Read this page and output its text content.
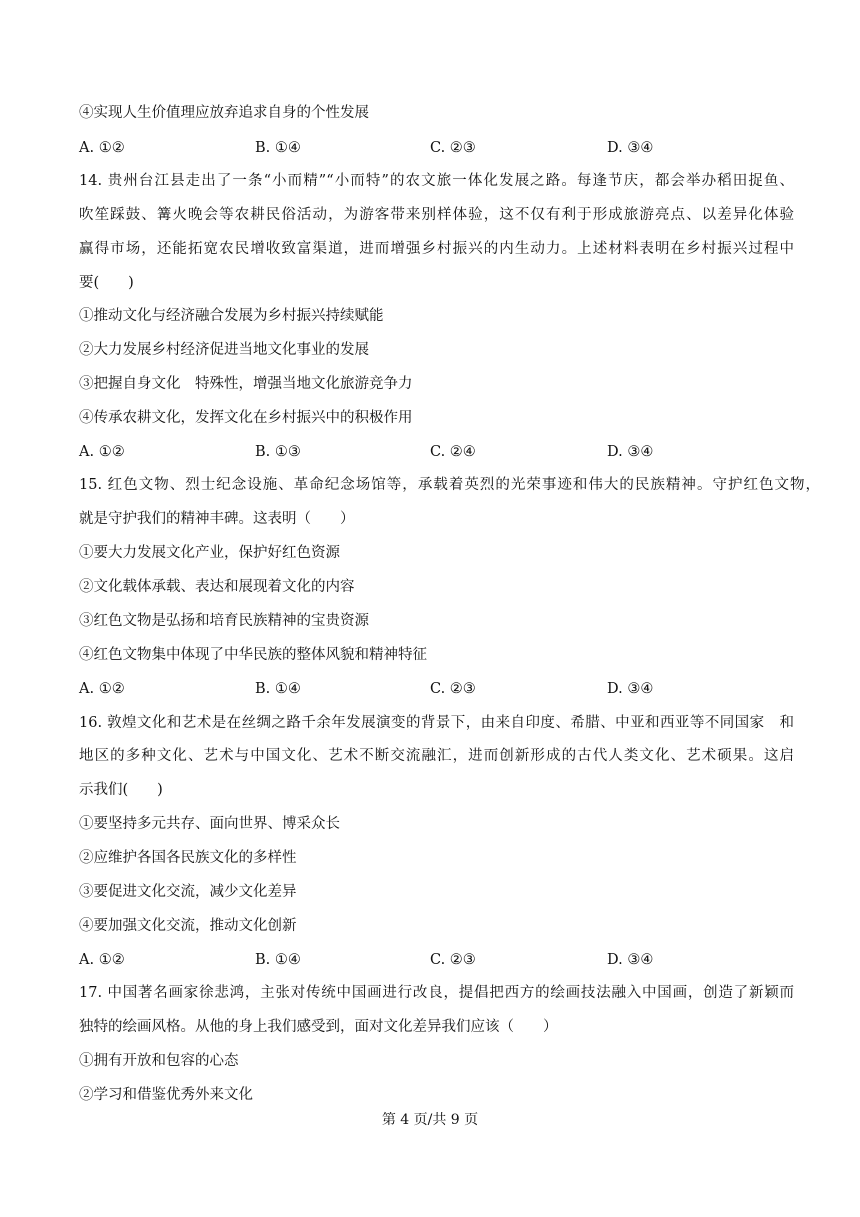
④实现人生价值理应放弃追求自身的个性发展
A. ①②	B. ①④	C. ②③	D. ③④
14. 贵州台江县走出了一条“小而精”“小而特”的农文旅一体化发展之路。每逢节庆，都会举办稻田捉鱼、
吹笙踩鼓、篝火晚会等农耕民俗活动，为游客带来别样体验，这不仅有利于形成旅游亮点、以差异化体验
赢得市场，还能拓宽农民增收致富渠道，进而增强乡村振兴的内生动力。上述材料表明在乡村振兴过程中
要(　　)
①推动文化与经济融合发展为乡村振兴持续赋能
②大力发展乡村经济促进当地文化事业的发展
③把握自身文化　特殊性，增强当地文化旅游竞争力
④传承农耕文化，发挥文化在乡村振兴中的积极作用
A. ①②	B. ①③	C. ②④	D. ③④
15. 红色文物、烈士纪念设施、革命纪念场馆等，承载着英烈的光荣事迹和伟大的民族精神。守护红色文物，
就是守护我们的精神丰碑。这表明（　　）
①要大力发展文化产业，保护好红色资源
②文化载体承载、表达和展现着文化的内容
③红色文物是弘扬和培育民族精神的宝贵资源
④红色文物集中体现了中华民族的整体风貌和精神特征
A. ①②	B. ①④	C. ②③	D. ③④
16. 敦煌文化和艺术是在丝绸之路千余年发展演变的背景下，由来自印度、希腊、中亚和西亚等不同国家　和
地区的多种文化、艺术与中国文化、艺术不断交流融汇，进而创新形成的古代人类文化、艺术硕果。这启
示我们(　　)
①要坚持多元共存、面向世界、博采众长
②应维护各国各民族文化的多样性
③要促进文化交流，减少文化差异
④要加强文化交流，推动文化创新
A. ①②	B. ①④	C. ②③	D. ③④
17. 中国著名画家徐悲鸿，主张对传统中国画进行改良，提倡把西方的绘画技法融入中国画，创造了新颖而
独特的绘画风格。从他的身上我们感受到，面对文化差异我们应该（　　）
①拥有开放和包容的心态
②学习和借鉴优秀外来文化
第 4 页/共 9 页
